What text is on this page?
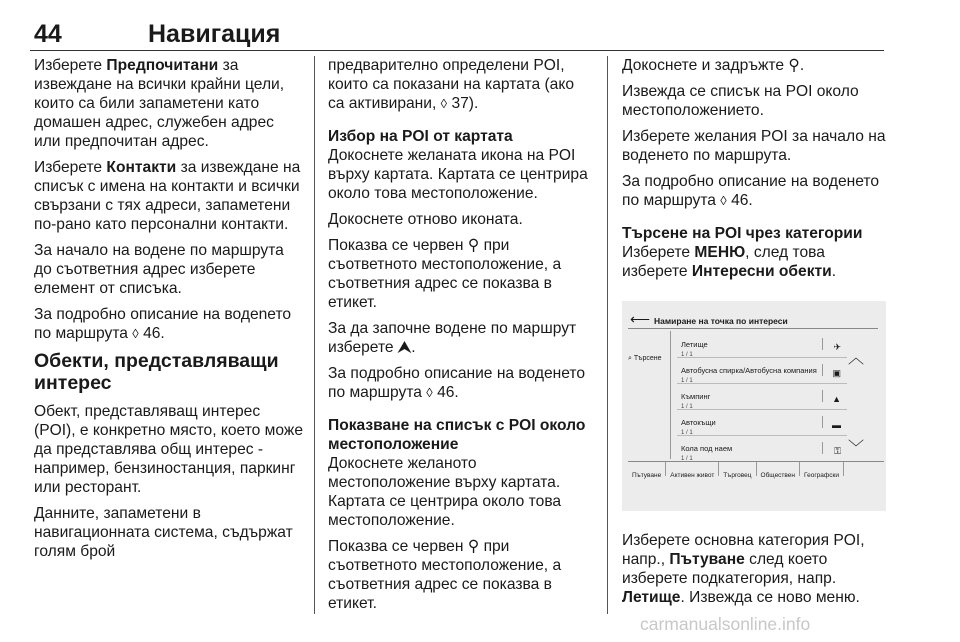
44	Навигация

Изберете Предпочитани за извеждане на всички крайни цели, които са били запаметени като домашен адрес, служебен адрес или предпочитан адрес.

Изберете Контакти за извеждане на списък с имена на контакти и всички свързани с тях адреси, запаметени по-рано като персонални контакти.

За начало на водене по маршрута до съответния адрес изберете елемент от списъка.

За подробно описание на водenето по маршрута ◊ 46.

Обекти, представляващи интерес

Обект, представляващ интерес (POI), е конкретно място, което може да представлява общ интерес - например, бензиностанция, паркинг или ресторант.

Данните, запаметени в навигационната система, съдържат голям брой

предварително определени POI, които са показани на картата (ако са активирани, ◊ 37).

Избор на POI от картата

Докоснете желаната икона на POI върху картата. Картата се центрира около това местоположение.

Докоснете отново иконата.

Показва се червен ⚲ при съответното местоположение, а съответния адрес се показва в етикет.

За да започне водене по маршрут изберете ⮝.

За подробно описание на воденето по маршрута ◊ 46.

Показване на списък с POI около местоположение

Докоснете желаното местоположение върху картата. Картата се центрира около това местоположение.

Показва се червен ⚲ при съответното местоположение, а съответния адрес се показва в етикет.

Докоснете и задръжте ⚲.

Извежда се списък на POI около местоположението.

Изберете желания POI за начало на воденето по маршрута.

За подробно описание на воденето по маршрута ◊ 46.

Търсене на POI чрез категории

Изберете МЕНЮ, след това изберете Интересни обекти.

⟵ Намиране на точка по интереси
⌕ Търсене
Летище
1 / 1
✈
Автобусна спирка/Автобусна компания
1 / 1
▣
Къмпинг
1 / 1
▲
Автокъщи
1 / 1
▬
Кола под наем
1 / 1
⚿
︿
﹀
Пътуване	Активен живот	Търговец	Обществен	Географски

Изберете основна категория POI, напр., Пътуване след което изберете подкатегория, напр. Летище. Извежда се ново меню.

carmanualsonline.info
